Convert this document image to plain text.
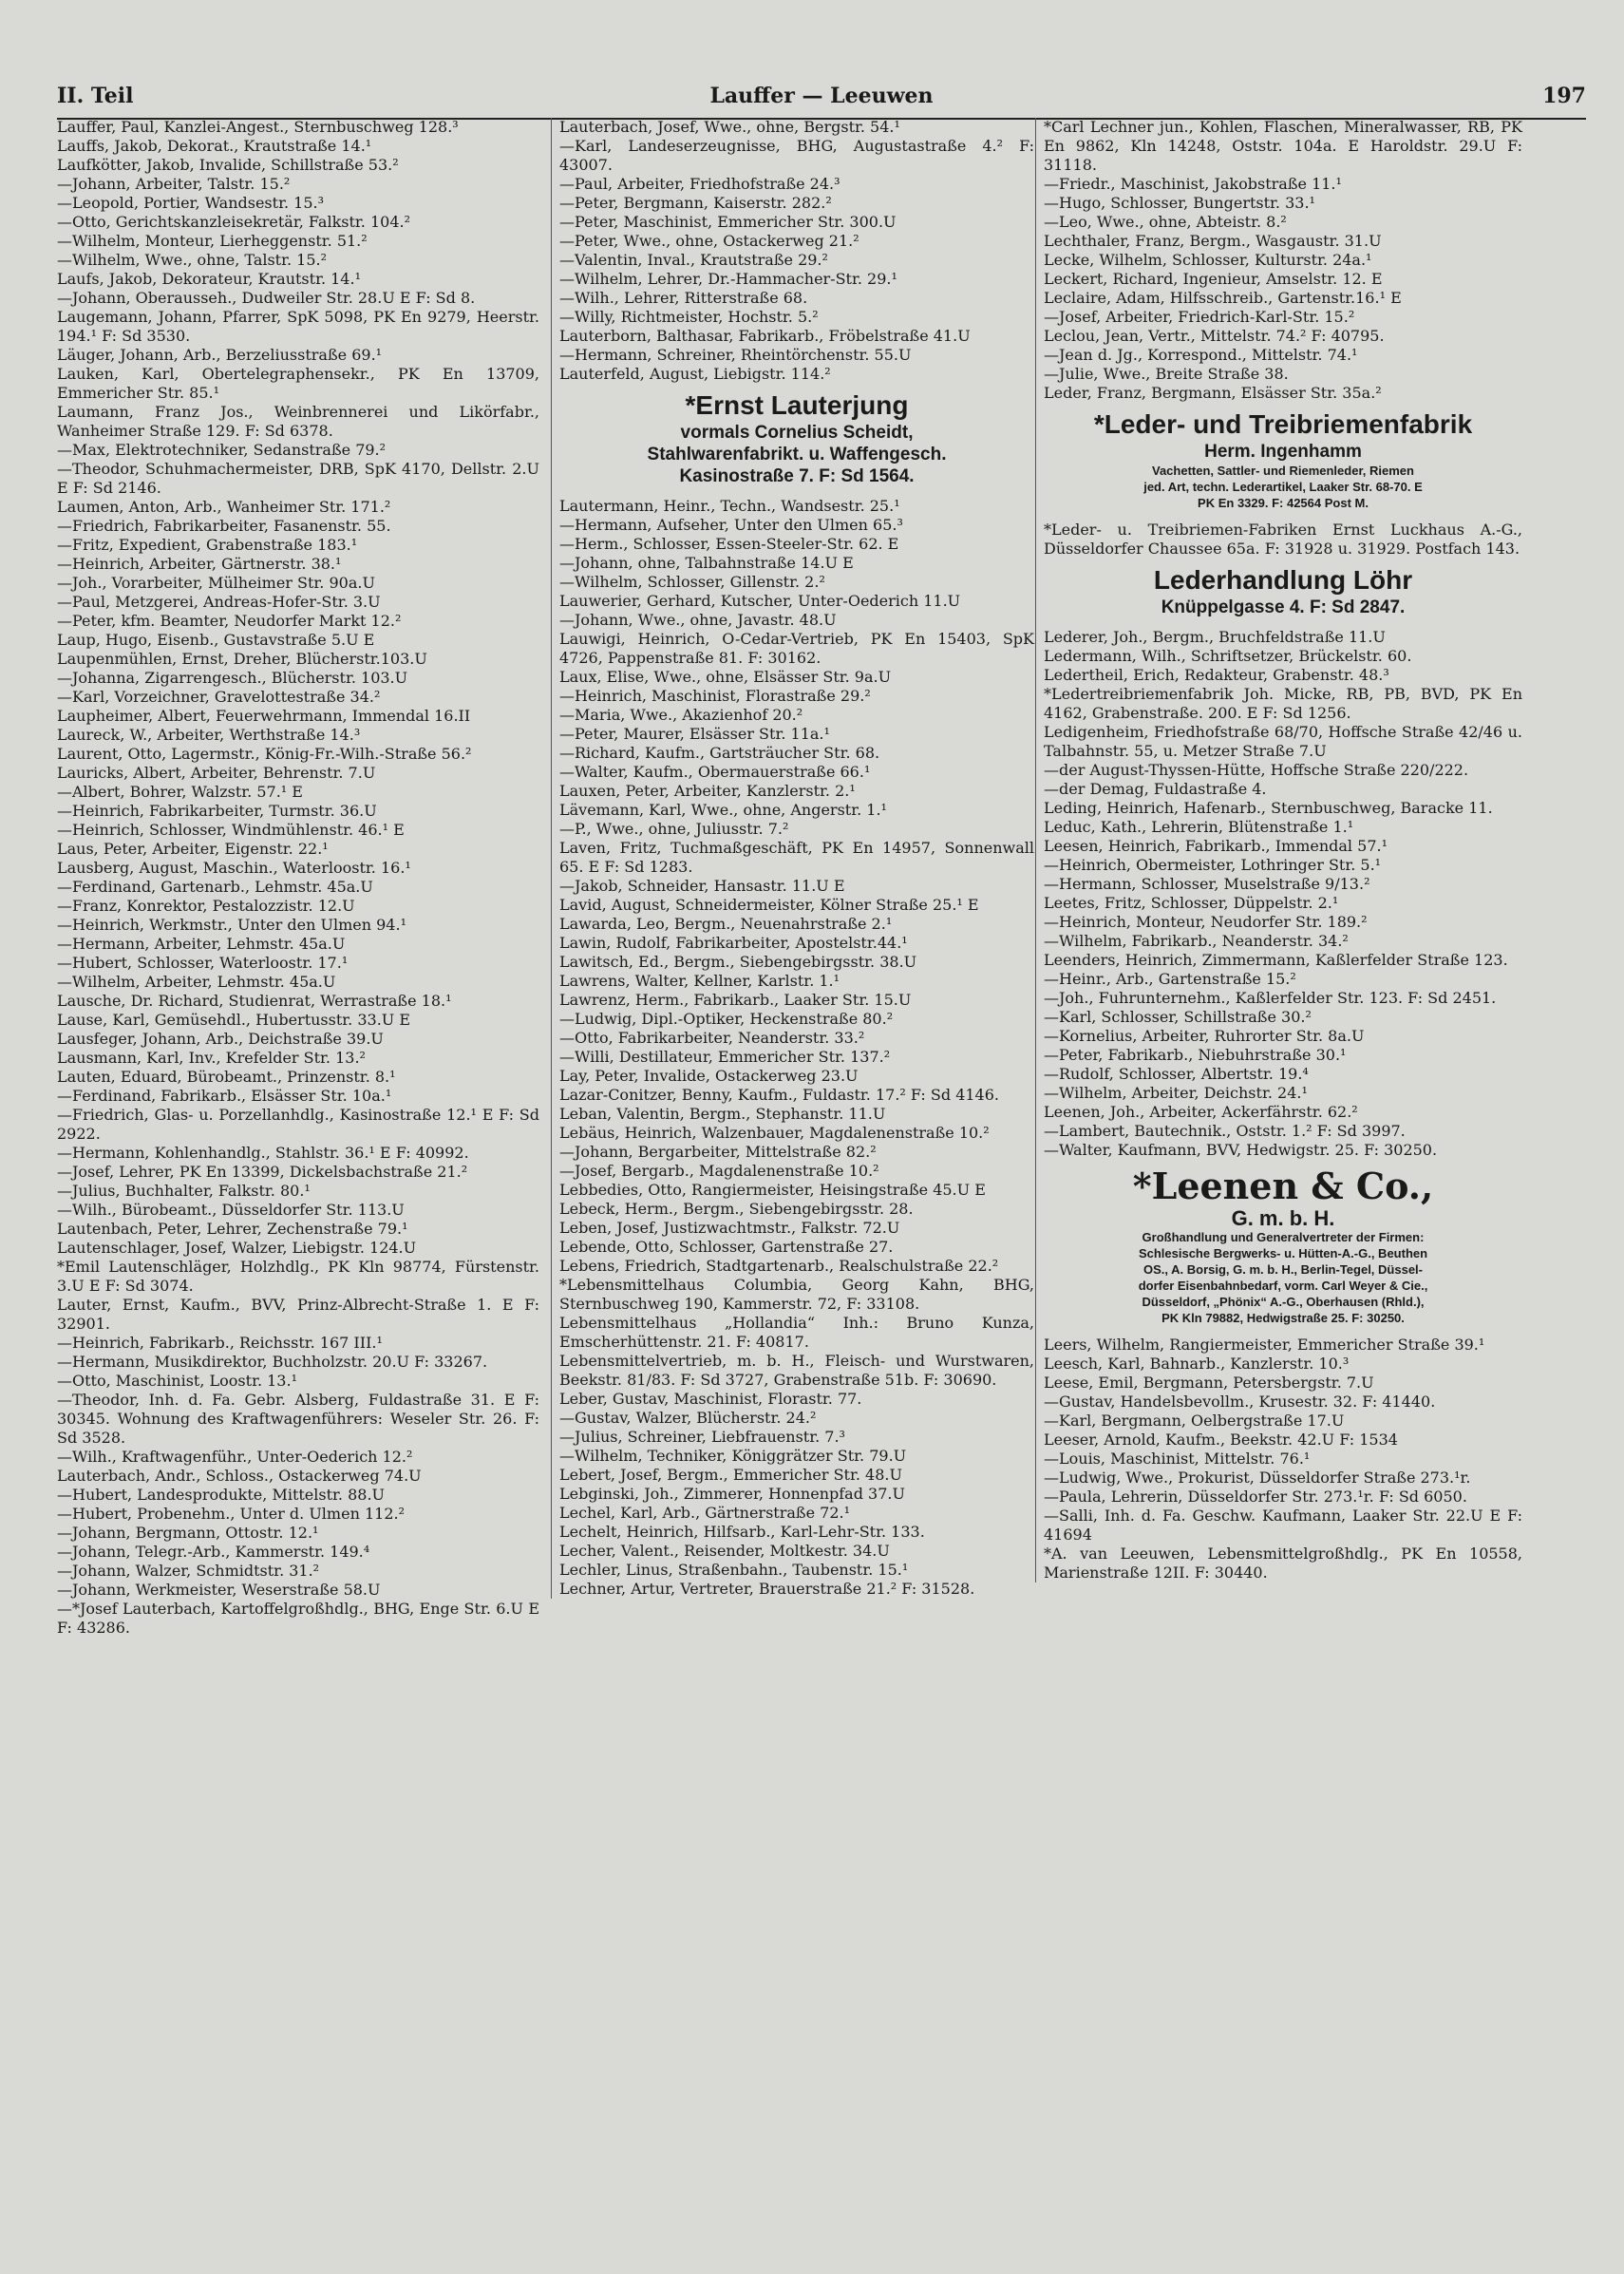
II. Teil	Lauffer — Leeuwen	197

Lauffer, Paul, Kanzlei-Angest., Sternbuschweg 128.³

Lauffs, Jakob, Dekorat., Krautstraße 14.¹

Laufkötter, Jakob, Invalide, Schillstraße 53.²

—Johann, Arbeiter, Talstr. 15.²

—Leopold, Portier, Wandsestr. 15.³

—Otto, Gerichtskanzleisekretär, Falkstr. 104.²

—Wilhelm, Monteur, Lierheggenstr. 51.²

—Wilhelm, Wwe., ohne, Talstr. 15.²

Laufs, Jakob, Dekorateur, Krautstr. 14.¹

—Johann, Oberausseh., Dudweiler Str. 28.U E F: Sd 8.

Laugemann, Johann, Pfarrer, SpK 5098, PK En 9279, Heerstr. 194.¹ F: Sd 3530.

Läuger, Johann, Arb., Berzeliusstraße 69.¹

Lauken, Karl, Obertelegraphensekr., PK En 13709, Emmericher Str. 85.¹

Laumann, Franz Jos., Weinbrennerei und Likörfabr., Wanheimer Straße 129. F: Sd 6378.

—Max, Elektrotechniker, Sedanstraße 79.²

—Theodor, Schuhmachermeister, DRB, SpK 4170, Dellstr. 2.U E F: Sd 2146.

Laumen, Anton, Arb., Wanheimer Str. 171.²

—Friedrich, Fabrikarbeiter, Fasanenstr. 55.

—Fritz, Expedient, Grabenstraße 183.¹

—Heinrich, Arbeiter, Gärtnerstr. 38.¹

—Joh., Vorarbeiter, Mülheimer Str. 90a.U

—Paul, Metzgerei, Andreas-Hofer-Str. 3.U

—Peter, kfm. Beamter, Neudorfer Markt 12.²

Laup, Hugo, Eisenb., Gustavstraße 5.U E

Laupenmühlen, Ernst, Dreher, Blücherstr.103.U

—Johanna, Zigarrengesch., Blücherstr. 103.U

—Karl, Vorzeichner, Gravelottestraße 34.²

Laupheimer, Albert, Feuerwehrmann, Immendal 16.II

Laureck, W., Arbeiter, Werthstraße 14.³

Laurent, Otto, Lagermstr., König-Fr.-Wilh.-Straße 56.²

Lauricks, Albert, Arbeiter, Behrenstr. 7.U

—Albert, Bohrer, Walzstr. 57.¹ E

—Heinrich, Fabrikarbeiter, Turmstr. 36.U

—Heinrich, Schlosser, Windmühlenstr. 46.¹ E

Laus, Peter, Arbeiter, Eigenstr. 22.¹

Lausberg, August, Maschin., Waterloostr. 16.¹

—Ferdinand, Gartenarb., Lehmstr. 45a.U

—Franz, Konrektor, Pestalozzistr. 12.U

—Heinrich, Werkmstr., Unter den Ulmen 94.¹

—Hermann, Arbeiter, Lehmstr. 45a.U

—Hubert, Schlosser, Waterloostr. 17.¹

—Wilhelm, Arbeiter, Lehmstr. 45a.U

Lausche, Dr. Richard, Studienrat, Werrastraße 18.¹

Lause, Karl, Gemüsehdl., Hubertusstr. 33.U E

Lausfeger, Johann, Arb., Deichstraße 39.U

Lausmann, Karl, Inv., Krefelder Str. 13.²

Lauten, Eduard, Bürobeamt., Prinzenstr. 8.¹

—Ferdinand, Fabrikarb., Elsässer Str. 10a.¹

—Friedrich, Glas- u. Porzellanhdlg., Kasinostraße 12.¹ E F: Sd 2922.

—Hermann, Kohlenhandlg., Stahlstr. 36.¹ E F: 40992.

—Josef, Lehrer, PK En 13399, Dickelsbachstraße 21.²

—Julius, Buchhalter, Falkstr. 80.¹

—Wilh., Bürobeamt., Düsseldorfer Str. 113.U

Lautenbach, Peter, Lehrer, Zechenstraße 79.¹

Lautenschlager, Josef, Walzer, Liebigstr. 124.U

*Emil Lautenschläger, Holzhdlg., PK Kln 98774, Fürstenstr. 3.U E F: Sd 3074.

Lauter, Ernst, Kaufm., BVV, Prinz-Albrecht-Straße 1. E F: 32901.

—Heinrich, Fabrikarb., Reichsstr. 167 III.¹

—Hermann, Musikdirektor, Buchholzstr. 20.U F: 33267.

—Otto, Maschinist, Loostr. 13.¹

—Theodor, Inh. d. Fa. Gebr. Alsberg, Fuldastraße 31. E F: 30345. Wohnung des Kraftwagenführers: Weseler Str. 26. F: Sd 3528.

—Wilh., Kraftwagenführ., Unter-Oederich 12.²

Lauterbach, Andr., Schloss., Ostackerweg 74.U

—Hubert, Landesprodukte, Mittelstr. 88.U

—Hubert, Probenehm., Unter d. Ulmen 112.²

—Johann, Bergmann, Ottostr. 12.¹

—Johann, Telegr.-Arb., Kammerstr. 149.⁴

—Johann, Walzer, Schmidtstr. 31.²

—Johann, Werkmeister, Weserstraße 58.U

—*Josef Lauterbach, Kartoffelgroßhdlg., BHG, Enge Str. 6.U E F: 43286.

Lauterbach, Josef, Wwe., ohne, Bergstr. 54.¹

—Karl, Landeserzeugnisse, BHG, Augustastraße 4.² F: 43007.

—Paul, Arbeiter, Friedhofstraße 24.³

—Peter, Bergmann, Kaiserstr. 282.²

—Peter, Maschinist, Emmericher Str. 300.U

—Peter, Wwe., ohne, Ostackerweg 21.²

—Valentin, Inval., Krautstraße 29.²

—Wilhelm, Lehrer, Dr.-Hammacher-Str. 29.¹

—Wilh., Lehrer, Ritterstraße 68.

—Willy, Richtmeister, Hochstr. 5.²

Lauterborn, Balthasar, Fabrikarb., Fröbelstraße 41.U

—Hermann, Schreiner, Rheintörchenstr. 55.U

Lauterfeld, August, Liebigstr. 114.²

*Ernst Lauterjung
vormals Cornelius Scheidt,
Stahlwarenfabrikt. u. Waffengesch.
Kasinostraße 7. F: Sd 1564.

Lautermann, Heinr., Techn., Wandsestr. 25.¹

—Hermann, Aufseher, Unter den Ulmen 65.³

—Herm., Schlosser, Essen-Steeler-Str. 62. E

—Johann, ohne, Talbahnstraße 14.U E

—Wilhelm, Schlosser, Gillenstr. 2.²

Lauwerier, Gerhard, Kutscher, Unter-Oederich 11.U

—Johann, Wwe., ohne, Javastr. 48.U

Lauwigi, Heinrich, O-Cedar-Vertrieb, PK En 15403, SpK 4726, Pappenstraße 81. F: 30162.

Laux, Elise, Wwe., ohne, Elsässer Str. 9a.U

—Heinrich, Maschinist, Florastraße 29.²

—Maria, Wwe., Akazienhof 20.²

—Peter, Maurer, Elsässer Str. 11a.¹

—Richard, Kaufm., Gartsträucher Str. 68.

—Walter, Kaufm., Obermauerstraße 66.¹

Lauxen, Peter, Arbeiter, Kanzlerstr. 2.¹

Lävemann, Karl, Wwe., ohne, Angerstr. 1.¹

—P., Wwe., ohne, Juliusstr. 7.²

Laven, Fritz, Tuchmaßgeschäft, PK En 14957, Sonnenwall 65. E F: Sd 1283.

—Jakob, Schneider, Hansastr. 11.U E

Lavid, August, Schneidermeister, Kölner Straße 25.¹ E

Lawarda, Leo, Bergm., Neuenahrstraße 2.¹

Lawin, Rudolf, Fabrikarbeiter, Apostelstr.44.¹

Lawitsch, Ed., Bergm., Siebengebirgsstr. 38.U

Lawrens, Walter, Kellner, Karlstr. 1.¹

Lawrenz, Herm., Fabrikarb., Laaker Str. 15.U

—Ludwig, Dipl.-Optiker, Heckenstraße 80.²

—Otto, Fabrikarbeiter, Neanderstr. 33.²

—Willi, Destillateur, Emmericher Str. 137.²

Lay, Peter, Invalide, Ostackerweg 23.U

Lazar-Conitzer, Benny, Kaufm., Fuldastr. 17.² F: Sd 4146.

Leban, Valentin, Bergm., Stephanstr. 11.U

Lebäus, Heinrich, Walzenbauer, Magdalenenstraße 10.²

—Johann, Bergarbeiter, Mittelstraße 82.²

—Josef, Bergarb., Magdalenenstraße 10.²

Lebbedies, Otto, Rangiermeister, Heisingstraße 45.U E

Lebeck, Herm., Bergm., Siebengebirgsstr. 28.

Leben, Josef, Justizwachtmstr., Falkstr. 72.U

Lebende, Otto, Schlosser, Gartenstraße 27.

Lebens, Friedrich, Stadtgartenarb., Realschulstraße 22.²

*Lebensmittelhaus Columbia, Georg Kahn, BHG, Sternbuschweg 190, Kammerstr. 72, F: 33108.

Lebensmittelhaus „Hollandia“ Inh.: Bruno Kunza, Emscherhüttenstr. 21. F: 40817.

Lebensmittelvertrieb, m. b. H., Fleisch- und Wurstwaren, Beekstr. 81/83. F: Sd 3727, Grabenstraße 51b. F: 30690.

Leber, Gustav, Maschinist, Florastr. 77.

—Gustav, Walzer, Blücherstr. 24.²

—Julius, Schreiner, Liebfrauenstr. 7.³

—Wilhelm, Techniker, Königgrätzer Str. 79.U

Lebert, Josef, Bergm., Emmericher Str. 48.U

Lebginski, Joh., Zimmerer, Honnenpfad 37.U

Lechel, Karl, Arb., Gärtnerstraße 72.¹

Lechelt, Heinrich, Hilfsarb., Karl-Lehr-Str. 133.

Lecher, Valent., Reisender, Moltkestr. 34.U

Lechler, Linus, Straßenbahn., Taubenstr. 15.¹

Lechner, Artur, Vertreter, Brauerstraße 21.² F: 31528.

*Carl Lechner jun., Kohlen, Flaschen, Mineralwasser, RB, PK En 9862, Kln 14248, Oststr. 104a. E Haroldstr. 29.U F: 31118.

—Friedr., Maschinist, Jakobstraße 11.¹

—Hugo, Schlosser, Bungertstr. 33.¹

—Leo, Wwe., ohne, Abteistr. 8.²

Lechthaler, Franz, Bergm., Wasgaustr. 31.U

Lecke, Wilhelm, Schlosser, Kulturstr. 24a.¹

Leckert, Richard, Ingenieur, Amselstr. 12. E

Leclaire, Adam, Hilfsschreib., Gartenstr.16.¹ E

—Josef, Arbeiter, Friedrich-Karl-Str. 15.²

Leclou, Jean, Vertr., Mittelstr. 74.² F: 40795.

—Jean d. Jg., Korrespond., Mittelstr. 74.¹

—Julie, Wwe., Breite Straße 38.

Leder, Franz, Bergmann, Elsässer Str. 35a.²

*Leder- und Treibriemenfabrik
Herm. Ingenhamm
Vachetten, Sattler- und Riemenleder, Riemen
jed. Art, techn. Lederartikel, Laaker Str. 68-70. E
PK En 3329. F: 42564 Post M.

*Leder- u. Treibriemen-Fabriken Ernst Luckhaus A.-G., Düsseldorfer Chaussee 65a. F: 31928 u. 31929. Postfach 143.

Lederhandlung Löhr
Knüppelgasse 4. F: Sd 2847.

Lederer, Joh., Bergm., Bruchfeldstraße 11.U

Ledermann, Wilh., Schriftsetzer, Brückelstr. 60.

Ledertheil, Erich, Redakteur, Grabenstr. 48.³

*Ledertreibriemenfabrik Joh. Micke, RB, PB, BVD, PK En 4162, Grabenstraße. 200. E F: Sd 1256.

Ledigenheim, Friedhofstraße 68/70, Hoffsche Straße 42/46 u. Talbahnstr. 55, u. Metzer Straße 7.U

—der August-Thyssen-Hütte, Hoffsche Straße 220/222.

—der Demag, Fuldastraße 4.

Leding, Heinrich, Hafenarb., Sternbuschweg, Baracke 11.

Leduc, Kath., Lehrerin, Blütenstraße 1.¹

Leesen, Heinrich, Fabrikarb., Immendal 57.¹

—Heinrich, Obermeister, Lothringer Str. 5.¹

—Hermann, Schlosser, Muselstraße 9/13.²

Leetes, Fritz, Schlosser, Düppelstr. 2.¹

—Heinrich, Monteur, Neudorfer Str. 189.²

—Wilhelm, Fabrikarb., Neanderstr. 34.²

Leenders, Heinrich, Zimmermann, Kaßlerfelder Straße 123.

—Heinr., Arb., Gartenstraße 15.²

—Joh., Fuhrunternehm., Kaßlerfelder Str. 123. F: Sd 2451.

—Karl, Schlosser, Schillstraße 30.²

—Kornelius, Arbeiter, Ruhrorter Str. 8a.U

—Peter, Fabrikarb., Niebuhrstraße 30.¹

—Rudolf, Schlosser, Albertstr. 19.⁴

—Wilhelm, Arbeiter, Deichstr. 24.¹

Leenen, Joh., Arbeiter, Ackerfährstr. 62.²

—Lambert, Bautechnik., Oststr. 1.² F: Sd 3997.

—Walter, Kaufmann, BVV, Hedwigstr. 25. F: 30250.

*Leenen & Co.,
G. m. b. H.
Großhandlung und Generalvertreter der Firmen:
Schlesische Bergwerks- u. Hütten-A.-G., Beuthen
OS., A. Borsig, G. m. b. H., Berlin-Tegel, Düssel-
dorfer Eisenbahnbedarf, vorm. Carl Weyer & Cie.,
Düsseldorf, „Phönix“ A.-G., Oberhausen (Rhld.),
PK Kln 79882, Hedwigstraße 25. F: 30250.

Leers, Wilhelm, Rangiermeister, Emmericher Straße 39.¹

Leesch, Karl, Bahnarb., Kanzlerstr. 10.³

Leese, Emil, Bergmann, Petersbergstr. 7.U

—Gustav, Handelsbevollm., Krusestr. 32. F: 41440.

—Karl, Bergmann, Oelbergstraße 17.U

Leeser, Arnold, Kaufm., Beekstr. 42.U F: 1534

—Louis, Maschinist, Mittelstr. 76.¹

—Ludwig, Wwe., Prokurist, Düsseldorfer Straße 273.¹r.

—Paula, Lehrerin, Düsseldorfer Str. 273.¹r. F: Sd 6050.

—Salli, Inh. d. Fa. Geschw. Kaufmann, Laaker Str. 22.U E F: 41694

*A. van Leeuwen, Lebensmittelgroßhdlg., PK En 10558, Marienstraße 12II. F: 30440.
